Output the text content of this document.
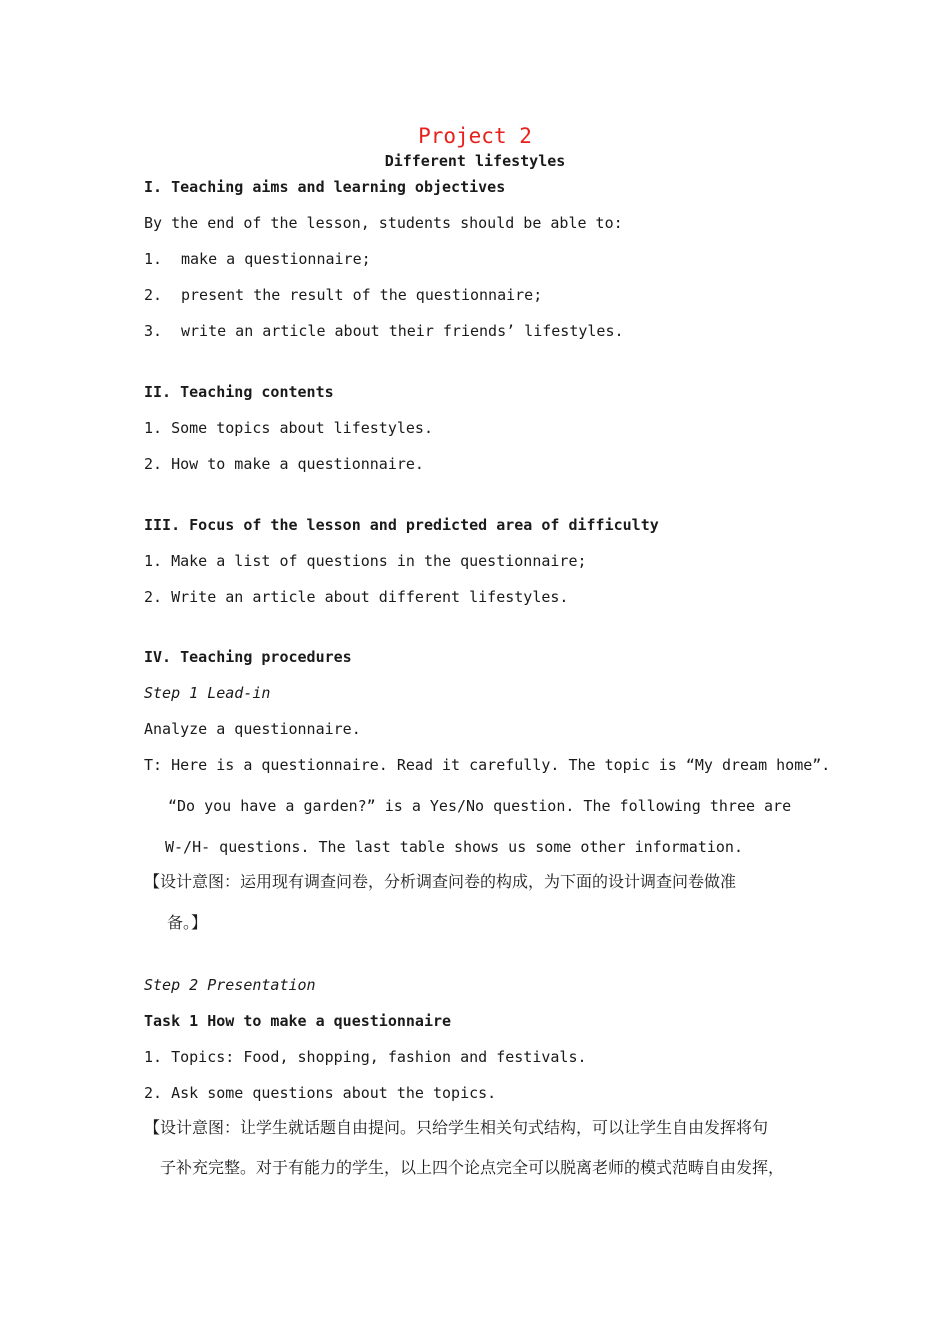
Project 2
Different lifestyles
I. Teaching aims and learning objectives
By the end of the lesson, students should be able to:
1. make a questionnaire;
2. present the result of the questionnaire;
3. write an article about their friends’ lifestyles.
II. Teaching contents
1. Some topics about lifestyles.
2. How to make a questionnaire.
III. Focus of the lesson and predicted area of difficulty
1. Make a list of questions in the questionnaire;
2. Write an article about different lifestyles.
IV. Teaching procedures
Step 1 Lead-in
Analyze a questionnaire.
T: Here is a questionnaire. Read it carefully. The topic is “My dream home”.
“Do you have a garden?” is a Yes/No question. The following three are
W-/H- questions. The last table shows us some other information.
【设计意图：运用现有调查问卷，分析调查问卷的构成，为下面的设计调查问卷做准
备。】
Step 2 Presentation
Task 1 How to make a questionnaire
1. Topics: Food, shopping, fashion and festivals.
2. Ask some questions about the topics.
【设计意图：让学生就话题自由提问。只给学生相关句式结构，可以让学生自由发挥将句
子补充完整。对于有能力的学生，以上四个论点完全可以脱离老师的模式范畴自由发挥，
